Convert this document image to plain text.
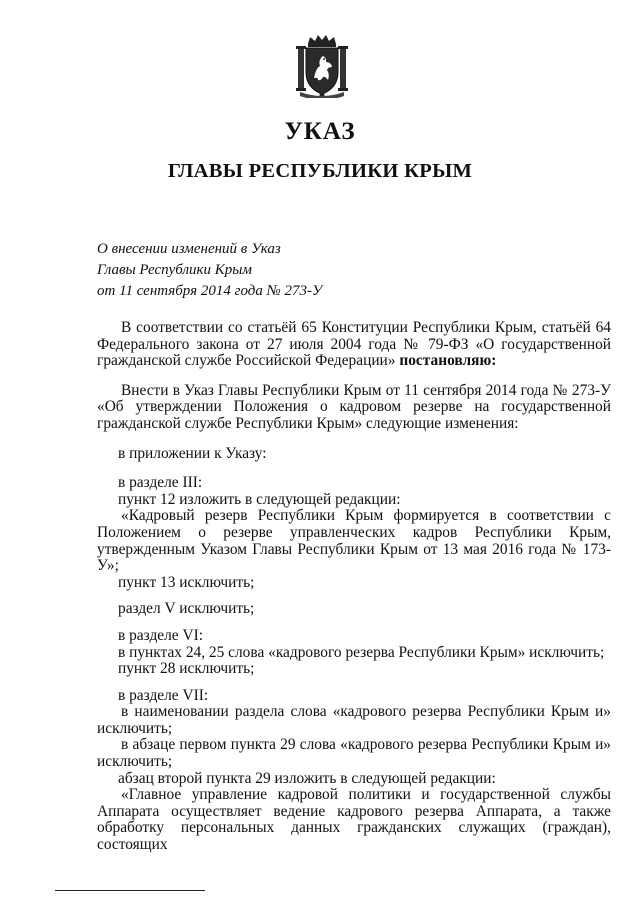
УКАЗ
ГЛАВЫ РЕСПУБЛИКИ КРЫМ
О внесении изменений в Указ
Главы Республики Крым
от 11 сентября 2014 года № 273-У

В соответствии со статьёй 65 Конституции Республики Крым, статьёй 64 Федерального закона от 27 июля 2004 года № 79-ФЗ «О государственной гражданской службе Российской Федерации» постановляю:

Внести в Указ Главы Республики Крым от 11 сентября 2014 года № 273-У «Об утверждении Положения о кадровом резерве на государственной гражданской службе Республики Крым» следующие изменения:

в приложении к Указу:

в разделе III:

пункт 12 изложить в следующей редакции:

«Кадровый резерв Республики Крым формируется в соответствии с Положением о резерве управленческих кадров Республики Крым, утвержденным Указом Главы Республики Крым от 13 мая 2016 года № 173-У»;

пункт 13 исключить;

раздел V исключить;

в разделе VI:

в пунктах 24, 25 слова «кадрового резерва Республики Крым» исключить;

пункт 28 исключить;

в разделе VII:

в наименовании раздела слова «кадрового резерва Республики Крым и» исключить;

в абзаце первом пункта 29 слова «кадрового резерва Республики Крым и» исключить;

абзац второй пункта 29 изложить в следующей редакции:

«Главное управление кадровой политики и государственной службы Аппарата осуществляет ведение кадрового резерва Аппарата, а также обработку персональных данных гражданских служащих (граждан), состоящих
